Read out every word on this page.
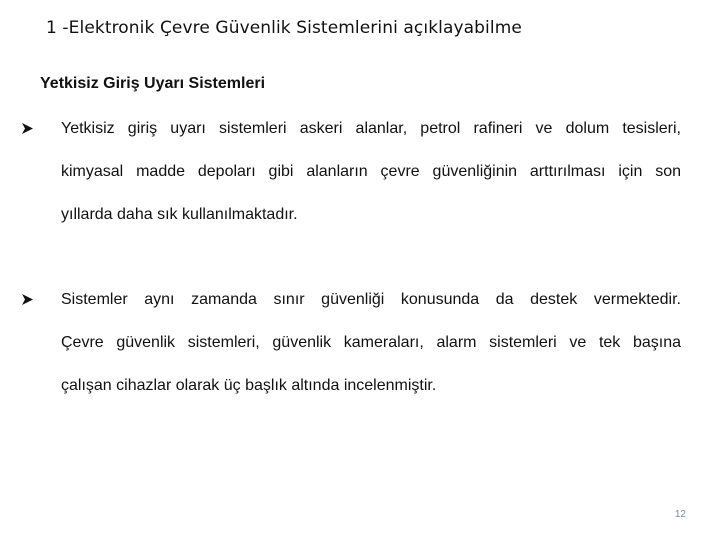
1 -Elektronik Çevre Güvenlik Sistemlerini açıklayabilme
Yetkisiz Giriş Uyarı Sistemleri
Yetkisiz giriş uyarı sistemleri askeri alanlar, petrol rafineri ve dolum tesisleri,
kimyasal madde depoları gibi alanların çevre güvenliğinin arttırılması için son
yıllarda daha sık kullanılmaktadır.
Sistemler aynı zamanda sınır güvenliği konusunda da destek vermektedir.
Çevre güvenlik sistemleri, güvenlik kameraları, alarm sistemleri ve tek başına
çalışan cihazlar olarak üç başlık altında incelenmiştir.
12
